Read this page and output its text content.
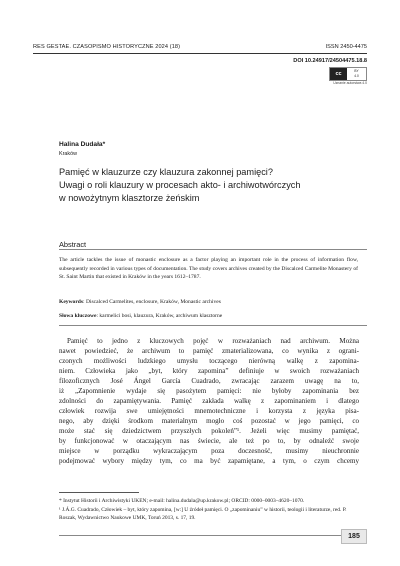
RES GESTAE. CZASOPISMO HISTORYCZNE 2024 (18)	ISSN 2450-4475
DOI 10.24917/24504475.18.8
cc	BY
4.0
Uznanie autorstwa 4.0
Halina Dudała*
Kraków
Pamięć w klauzurze czy klauzura zakonnej pamięci?
Uwagi o roli klauzury w procesach akto- i archiwotwórczych
w nowożytnym klasztorze żeńskim
Abstract
The article tackles the issue of monastic enclosure as a factor playing an important role in the process of information flow, subsequently recorded in various types of documentation. The study covers archives created by the Discalced Carmelite Monastery of St. Saint Martin that existed in Kraków in the years 1612–1787.
Keywords: Discalced Carmelites, enclosure, Kraków, Monastic archives
Słowa kluczowe: karmelici bosi, klauzura, Kraków, archiwum klasztorne
Pamięć to jedno z kluczowych pojęć w rozważaniach nad archiwum. Można
nawet powiedzieć, że archiwum to pamięć zmaterializowana, co wynika z ograni-
czonych możliwości ludzkiego umysłu toczącego nierówną walkę z zapomina-
niem. Człowieka jako „byt, który zapomina” definiuje w swoich rozważaniach
filozoficznych José Ángel García Cuadrado, zwracając zarazem uwagę na to,
iż „Zapomnienie wydaje się pasożytem pamięci: nie byłoby zapominania bez
zdolności do zapamiętywania. Pamięć zakłada walkę z zapominaniem i dlatego
człowiek rozwija swe umiejętności mnemotechniczne i korzysta z języka pisa-
nego, aby dzięki środkom materialnym mogło coś pozostać w jego pamięci, co
może stać się dziedzictwem przyszłych pokoleń”¹. Jeżeli więc musimy pamiętać,
by funkcjonować w otaczającym nas świecie, ale też po to, by odnaleźć swoje
miejsce w porządku wykraczającym poza doczesność, musimy nieuchronnie
podejmować wybory między tym, co ma być zapamiętane, a tym, o czym chcemy
* Instytut Historii i Archiwistyki UKEN; e-mail: halina.dudala@up.krakow.pl; ORCID: 0000–0003–4620–1070.
¹ J.Á.G. Cuadrado, Człowiek – byt, który zapomina, [w:] U źródeł pamięci. O „zapominaniu” w historii, teologii i literaturze, red. P. Roszak, Wydawnictwo Naukowe UMK, Toruń 2013, s. 17, 19.
185
